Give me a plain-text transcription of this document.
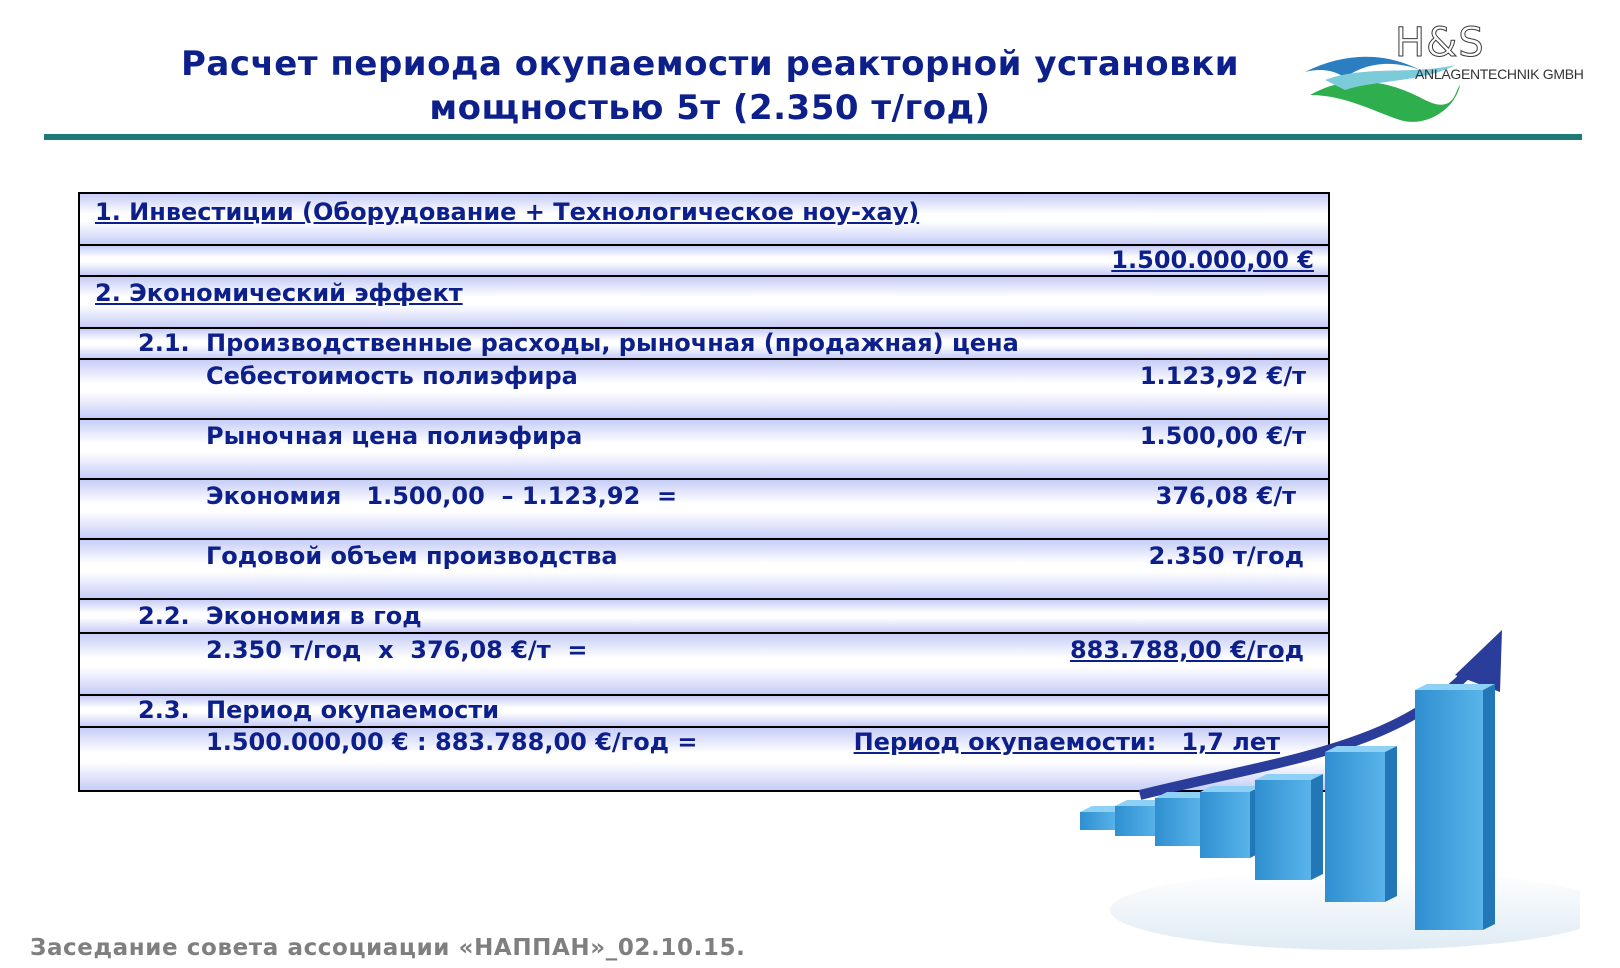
Расчет периода окупаемости реакторной установки
мощностью 5т (2.350 т/год)
H&S
ANLAGENTECHNIK GMBH
1. Инвестиции (Оборудование + Технологическое ноу-хау)
1.500.000,00 €
2. Экономический эффект
2.1. Производственные расходы, рыночная (продажная) цена
Себестоимость полиэфира	1.123,92 €/т
Рыночная цена полиэфира	1.500,00 €/т
Экономия   1.500,00  – 1.123,92  =	376,08 €/т
Годовой объем производства	2.350 т/год
2.2. Экономия в год
2.350 т/год  х  376,08 €/т  =	883.788,00 €/год
2.3. Период окупаемости
1.500.000,00 € : 883.788,00 €/год =	Период окупаемости:   1,7 лет
Заседание совета ассоциации «НАППАН»_02.10.15.
